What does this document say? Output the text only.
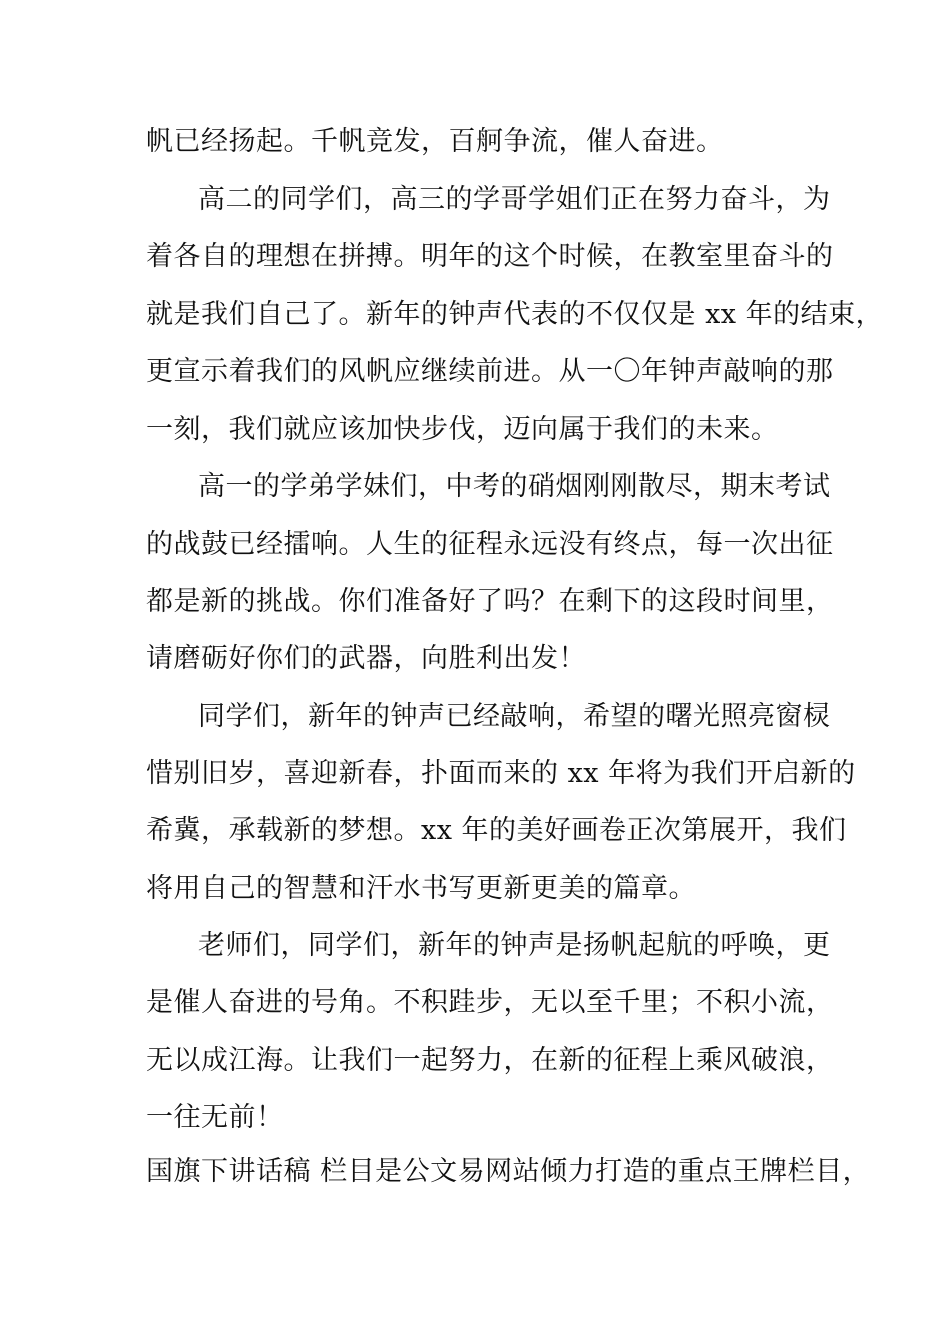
帆已经扬起。千帆竞发，百舸争流，催人奋进。
高二的同学们，高三的学哥学姐们正在努力奋斗，为
着各自的理想在拼搏。明年的这个时候，在教室里奋斗的
就是我们自己了。新年的钟声代表的不仅仅是 xx 年的结束，
更宣示着我们的风帆应继续前进。从一〇年钟声敲响的那
一刻，我们就应该加快步伐，迈向属于我们的未来。
高一的学弟学妹们，中考的硝烟刚刚散尽，期末考试
的战鼓已经擂响。人生的征程永远没有终点，每一次出征
都是新的挑战。你们准备好了吗？在剩下的这段时间里，
请磨砺好你们的武器，向胜利出发！
同学们，新年的钟声已经敲响，希望的曙光照亮窗棂
惜别旧岁，喜迎新春，扑面而来的 xx 年将为我们开启新的
希冀，承载新的梦想。xx 年的美好画卷正次第展开，我们
将用自己的智慧和汗水书写更新更美的篇章。
老师们，同学们，新年的钟声是扬帆起航的呼唤，更
是催人奋进的号角。不积跬步，无以至千里；不积小流，
无以成江海。让我们一起努力，在新的征程上乘风破浪，
一往无前！
国旗下讲话稿 栏目是公文易网站倾力打造的重点王牌栏目，
